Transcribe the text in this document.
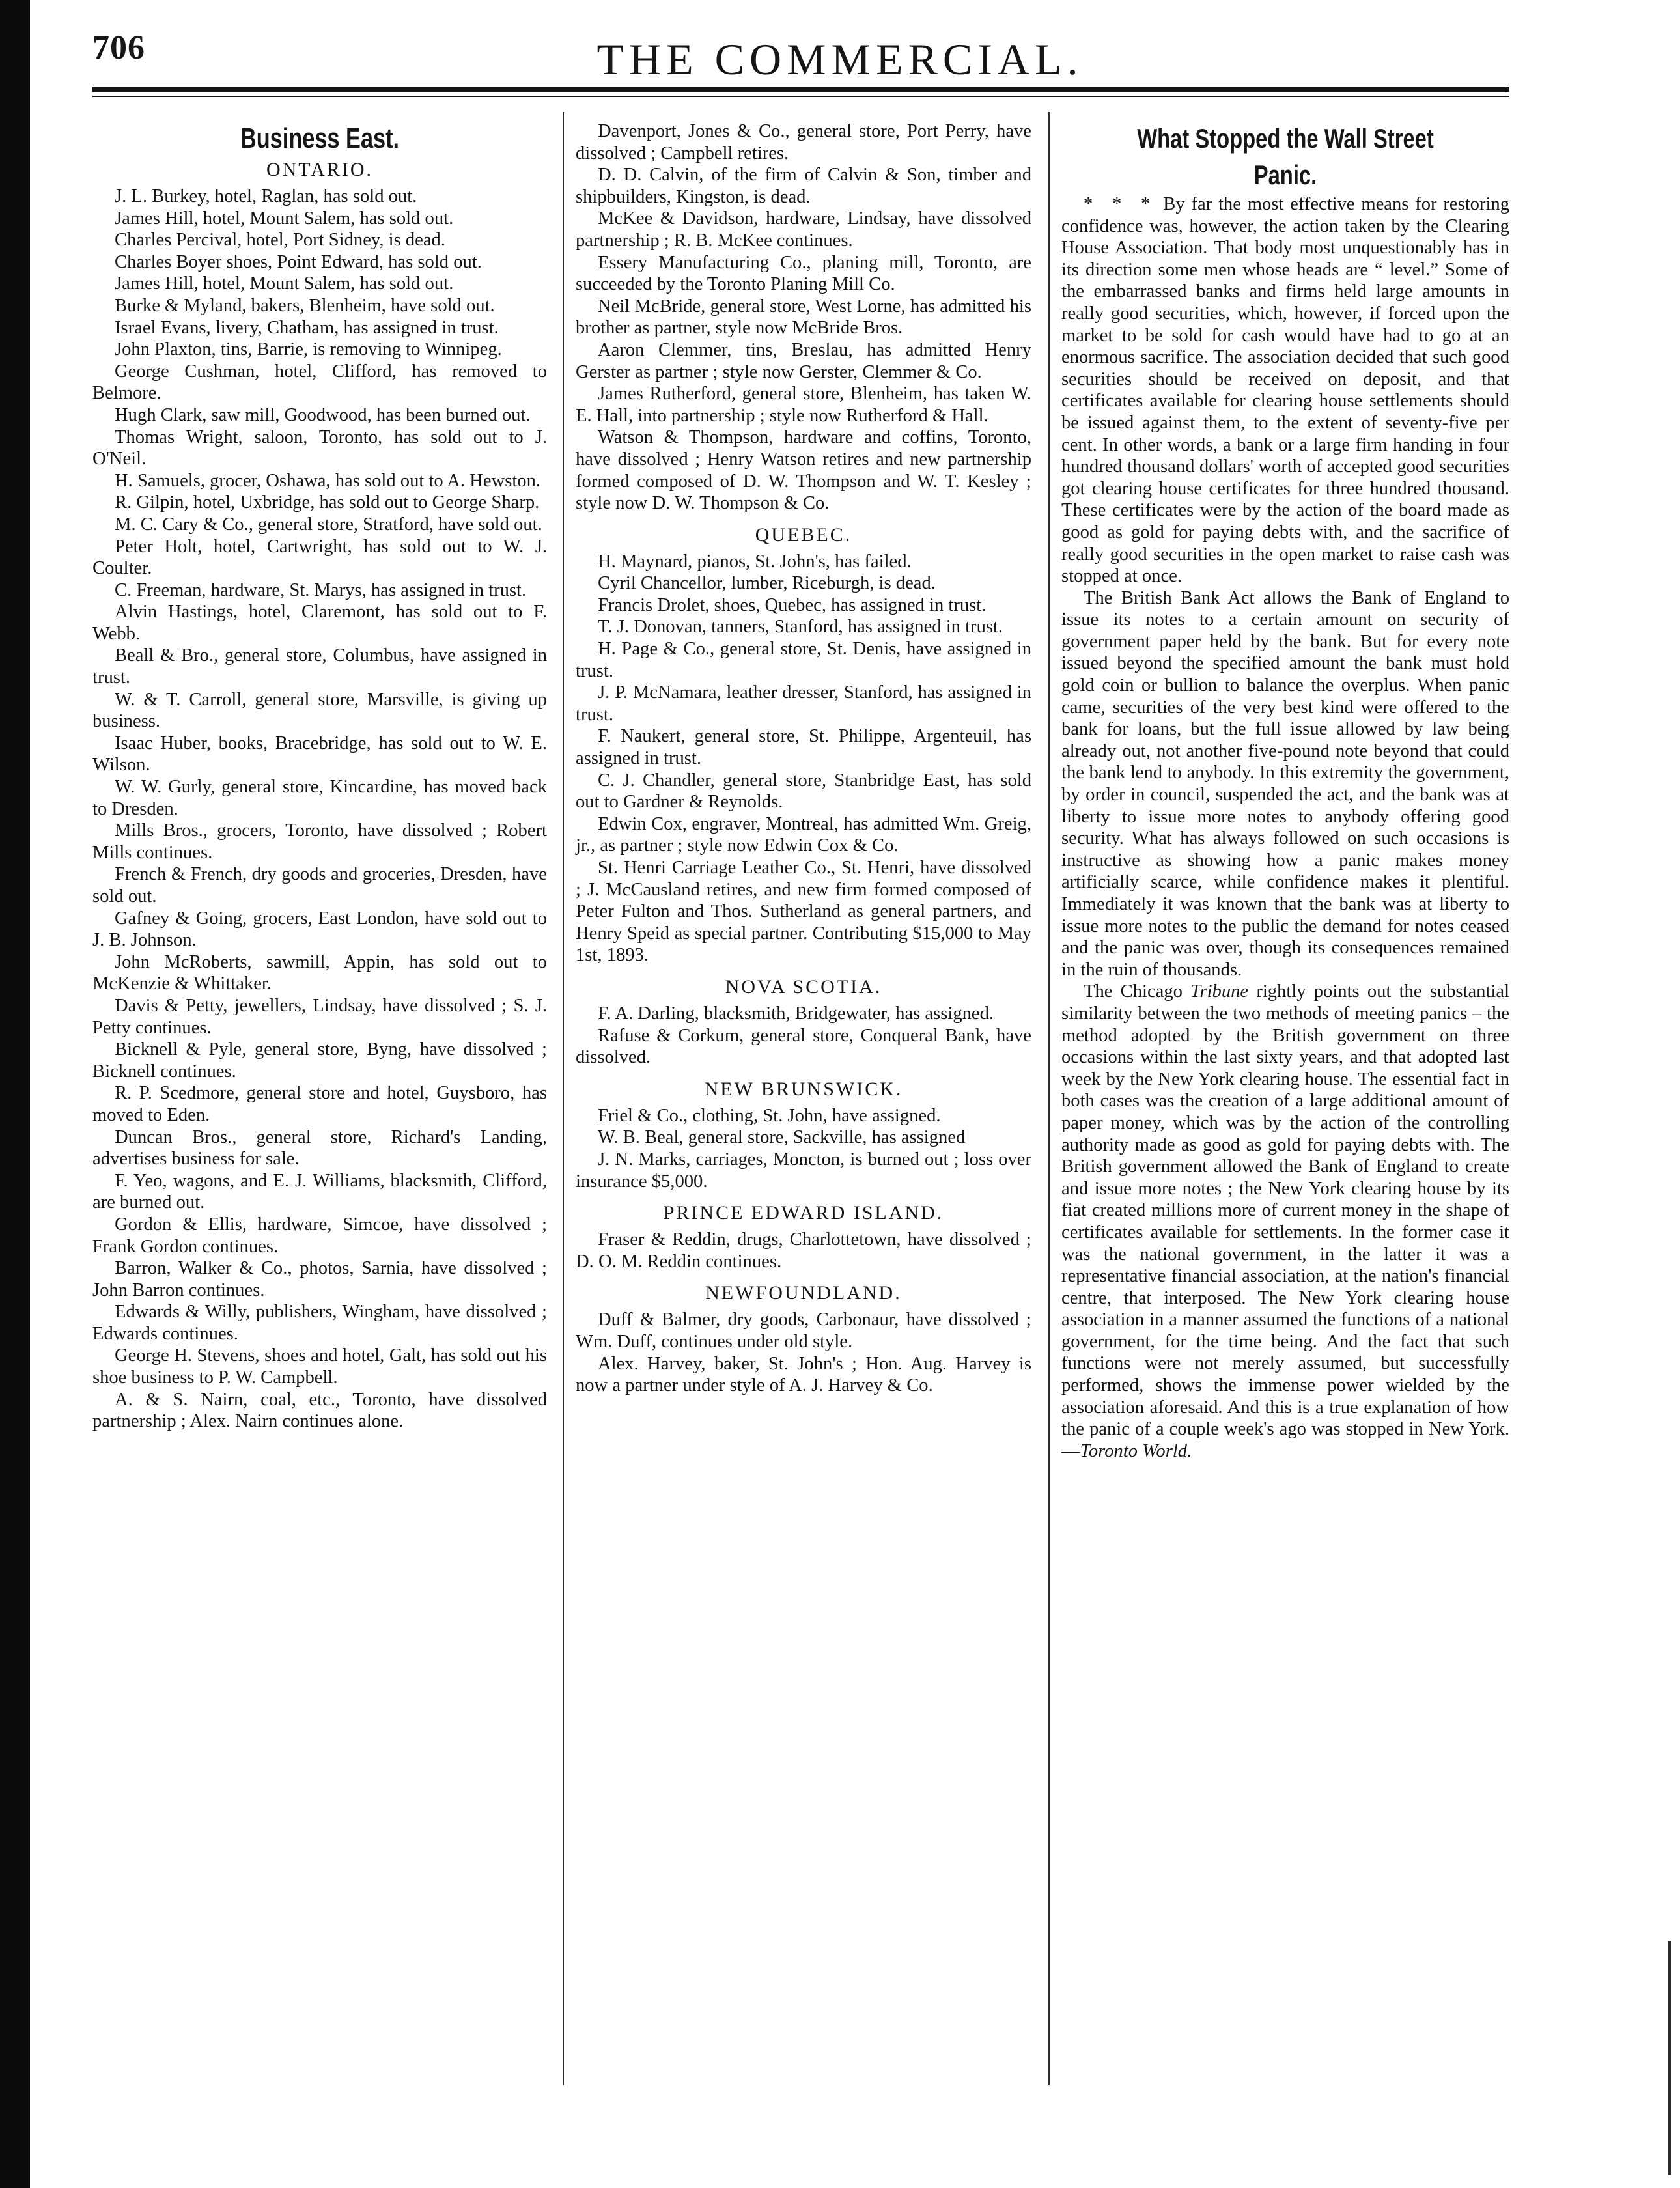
706	THE COMMERCIAL.
Business East.
ONTARIO.

J. L. Burkey, hotel, Raglan, has sold out.

James Hill, hotel, Mount Salem, has sold out.

Charles Percival, hotel, Port Sidney, is dead.

Charles Boyer shoes, Point Edward, has sold out.

James Hill, hotel, Mount Salem, has sold out.

Burke & Myland, bakers, Blenheim, have sold out.

Israel Evans, livery, Chatham, has assigned in trust.

John Plaxton, tins, Barrie, is removing to Winnipeg.

George Cushman, hotel, Clifford, has removed to Belmore.

Hugh Clark, saw mill, Goodwood, has been burned out.

Thomas Wright, saloon, Toronto, has sold out to J. O'Neil.

H. Samuels, grocer, Oshawa, has sold out to A. Hewston.

R. Gilpin, hotel, Uxbridge, has sold out to George Sharp.

M. C. Cary & Co., general store, Stratford, have sold out.

Peter Holt, hotel, Cartwright, has sold out to W. J. Coulter.

C. Freeman, hardware, St. Marys, has assigned in trust.

Alvin Hastings, hotel, Claremont, has sold out to F. Webb.

Beall & Bro., general store, Columbus, have assigned in trust.

W. & T. Carroll, general store, Marsville, is giving up business.

Isaac Huber, books, Bracebridge, has sold out to W. E. Wilson.

W. W. Gurly, general store, Kincardine, has moved back to Dresden.

Mills Bros., grocers, Toronto, have dissolved ; Robert Mills continues.

French & French, dry goods and groceries, Dresden, have sold out.

Gafney & Going, grocers, East London, have sold out to J. B. Johnson.

John McRoberts, sawmill, Appin, has sold out to McKenzie & Whittaker.

Davis & Petty, jewellers, Lindsay, have dissolved ; S. J. Petty continues.

Bicknell & Pyle, general store, Byng, have dissolved ; Bicknell continues.

R. P. Scedmore, general store and hotel, Guysboro, has moved to Eden.

Duncan Bros., general store, Richard's Landing, advertises business for sale.

F. Yeo, wagons, and E. J. Williams, blacksmith, Clifford, are burned out.

Gordon & Ellis, hardware, Simcoe, have dissolved ; Frank Gordon continues.

Barron, Walker & Co., photos, Sarnia, have dissolved ; John Barron continues.

Edwards & Willy, publishers, Wingham, have dissolved ; Edwards continues.

George H. Stevens, shoes and hotel, Galt, has sold out his shoe business to P. W. Campbell.

A. & S. Nairn, coal, etc., Toronto, have dissolved partnership ; Alex. Nairn continues alone.

Davenport, Jones & Co., general store, Port Perry, have dissolved ; Campbell retires.

D. D. Calvin, of the firm of Calvin & Son, timber and shipbuilders, Kingston, is dead.

McKee & Davidson, hardware, Lindsay, have dissolved partnership ; R. B. McKee continues.

Essery Manufacturing Co., planing mill, Toronto, are succeeded by the Toronto Planing Mill Co.

Neil McBride, general store, West Lorne, has admitted his brother as partner, style now McBride Bros.

Aaron Clemmer, tins, Breslau, has admitted Henry Gerster as partner ; style now Gerster, Clemmer & Co.

James Rutherford, general store, Blenheim, has taken W. E. Hall, into partnership ; style now Rutherford & Hall.

Watson & Thompson, hardware and coffins, Toronto, have dissolved ; Henry Watson retires and new partnership formed composed of D. W. Thompson and W. T. Kesley ; style now D. W. Thompson & Co.

QUEBEC.

H. Maynard, pianos, St. John's, has failed.

Cyril Chancellor, lumber, Riceburgh, is dead.

Francis Drolet, shoes, Quebec, has assigned in trust.

T. J. Donovan, tanners, Stanford, has assigned in trust.

H. Page & Co., general store, St. Denis, have assigned in trust.

J. P. McNamara, leather dresser, Stanford, has assigned in trust.

F. Naukert, general store, St. Philippe, Argenteuil, has assigned in trust.

C. J. Chandler, general store, Stanbridge East, has sold out to Gardner & Reynolds.

Edwin Cox, engraver, Montreal, has admitted Wm. Greig, jr., as partner ; style now Edwin Cox & Co.

St. Henri Carriage Leather Co., St. Henri, have dissolved ; J. McCausland retires, and new firm formed composed of Peter Fulton and Thos. Sutherland as general partners, and Henry Speid as special partner. Contributing $15,000 to May 1st, 1893.

NOVA SCOTIA.

F. A. Darling, blacksmith, Bridgewater, has assigned.

Rafuse & Corkum, general store, Conqueral Bank, have dissolved.

NEW BRUNSWICK.

Friel & Co., clothing, St. John, have assigned.

W. B. Beal, general store, Sackville, has assigned

J. N. Marks, carriages, Moncton, is burned out ; loss over insurance $5,000.

PRINCE EDWARD ISLAND.

Fraser & Reddin, drugs, Charlottetown, have dissolved ; D. O. M. Reddin continues.

NEWFOUNDLAND.

Duff & Balmer, dry goods, Carbonaur, have dissolved ; Wm. Duff, continues under old style.

Alex. Harvey, baker, St. John's ; Hon. Aug. Harvey is now a partner under style of A. J. Harvey & Co.

What Stopped the Wall Street Panic.

* * * By far the most effective means for restoring confidence was, however, the action taken by the Clearing House Association. That body most unquestionably has in its direction some men whose heads are “ level.” Some of the embarrassed banks and firms held large amounts in really good securities, which, however, if forced upon the market to be sold for cash would have had to go at an enormous sacrifice. The association decided that such good securities should be received on deposit, and that certificates available for clearing house settlements should be issued against them, to the extent of seventy-five per cent. In other words, a bank or a large firm handing in four hundred thousand dollars' worth of accepted good securities got clearing house certificates for three hundred thousand. These certificates were by the action of the board made as good as gold for paying debts with, and the sacrifice of really good securities in the open market to raise cash was stopped at once.

The British Bank Act allows the Bank of England to issue its notes to a certain amount on security of government paper held by the bank. But for every note issued beyond the specified amount the bank must hold gold coin or bullion to balance the overplus. When panic came, securities of the very best kind were offered to the bank for loans, but the full issue allowed by law being already out, not another five-pound note beyond that could the bank lend to anybody. In this extremity the government, by order in council, suspended the act, and the bank was at liberty to issue more notes to anybody offering good security. What has always followed on such occasions is instructive as showing how a panic makes money artificially scarce, while confidence makes it plentiful. Immediately it was known that the bank was at liberty to issue more notes to the public the demand for notes ceased and the panic was over, though its consequences remained in the ruin of thousands.

The Chicago Tribune rightly points out the substantial similarity between the two methods of meeting panics – the method adopted by the British government on three occasions within the last sixty years, and that adopted last week by the New York clearing house. The essential fact in both cases was the creation of a large additional amount of paper money, which was by the action of the controlling authority made as good as gold for paying debts with. The British government allowed the Bank of England to create and issue more notes ; the New York clearing house by its fiat created millions more of current money in the shape of certificates available for settlements. In the former case it was the national government, in the latter it was a representative financial association, at the nation's financial centre, that interposed. The New York clearing house association in a manner assumed the functions of a national government, for the time being. And the fact that such functions were not merely assumed, but successfully performed, shows the immense power wielded by the association aforesaid. And this is a true explanation of how the panic of a couple week's ago was stopped in New York.—Toronto World.
